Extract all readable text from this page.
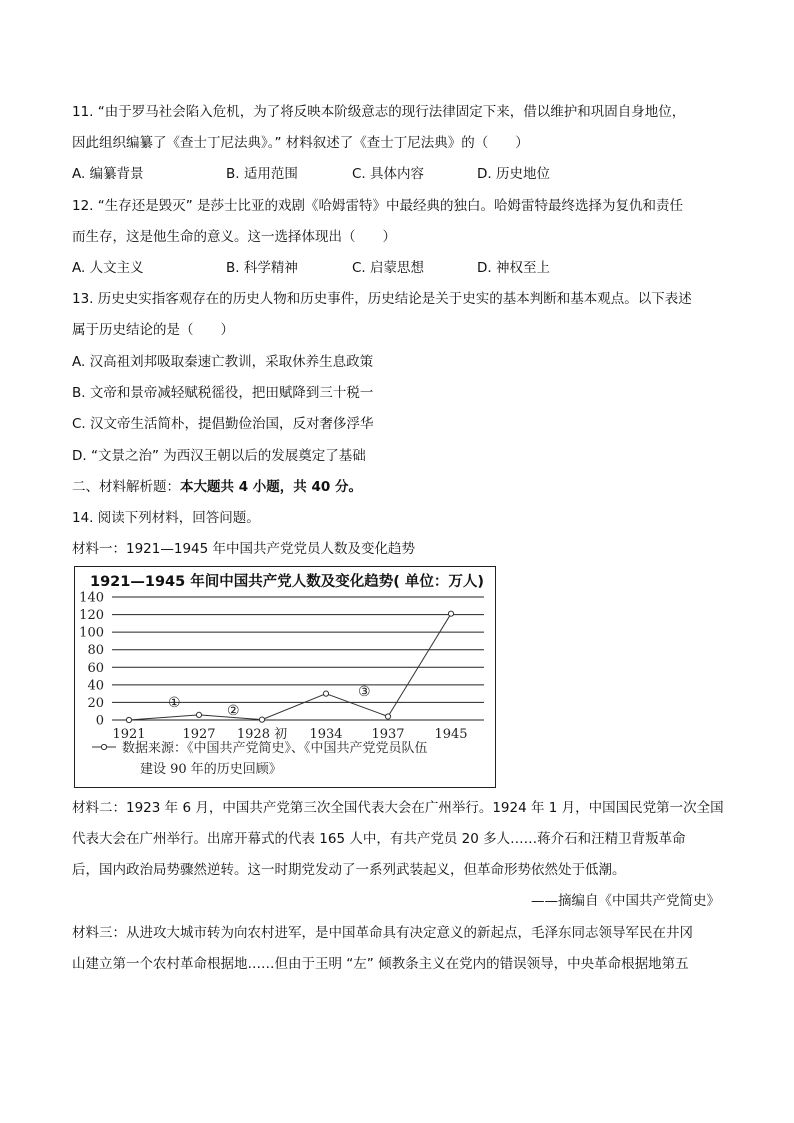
11. “由于罗马社会陷入危机，为了将反映本阶级意志的现行法律固定下来，借以维护和巩固自身地位，
因此组织编纂了《查士丁尼法典》。” 材料叙述了《查士丁尼法典》的（　　）
A. 编纂背景	B. 适用范围	C. 具体内容	D. 历史地位
12. “生存还是毁灭” 是莎士比亚的戏剧《哈姆雷特》中最经典的独白。哈姆雷特最终选择为复仇和责任
而生存，这是他生命的意义。这一选择体现出（　　）
A. 人文主义	B. 科学精神	C. 启蒙思想	D. 神权至上
13. 历史史实指客观存在的历史人物和历史事件，历史结论是关于史实的基本判断和基本观点。以下表述
属于历史结论的是（　　）
A. 汉高祖刘邦吸取秦速亡教训，采取休养生息政策
B. 文帝和景帝减轻赋税徭役，把田赋降到三十税一
C. 汉文帝生活简朴，提倡勤俭治国，反对奢侈浮华
D. “文景之治” 为西汉王朝以后的发展奠定了基础
二、材料解析题：本大题共 4 小题，共 40 分。
14. 阅读下列材料，回答问题。
材料一：1921—1945 年中国共产党党员人数及变化趋势
1921—1945 年间中国共产党人数及变化趋势( 单位：万人)
0
20
40
60
80
100
120
140
1921	1927 1928 初 1934 1937 1945
①	②
③
数据来源：《中国共产党简史》、《中国共产党党员队伍
建设 90 年的历史回顾》
材料二：1923 年 6 月，中国共产党第三次全国代表大会在广州举行。1924 年 1 月，中国国民党第一次全国
代表大会在广州举行。出席开幕式的代表 165 人中，有共产党员 20 多人……蒋介石和汪精卫背叛革命
后，国内政治局势骤然逆转。这一时期党发动了一系列武装起义，但革命形势依然处于低潮。
——摘编自《中国共产党简史》
材料三：从进攻大城市转为向农村进军，是中国革命具有决定意义的新起点，毛泽东同志领导军民在井冈
山建立第一个农村革命根据地……但由于王明 “左” 倾教条主义在党内的错误领导，中央革命根据地第五
